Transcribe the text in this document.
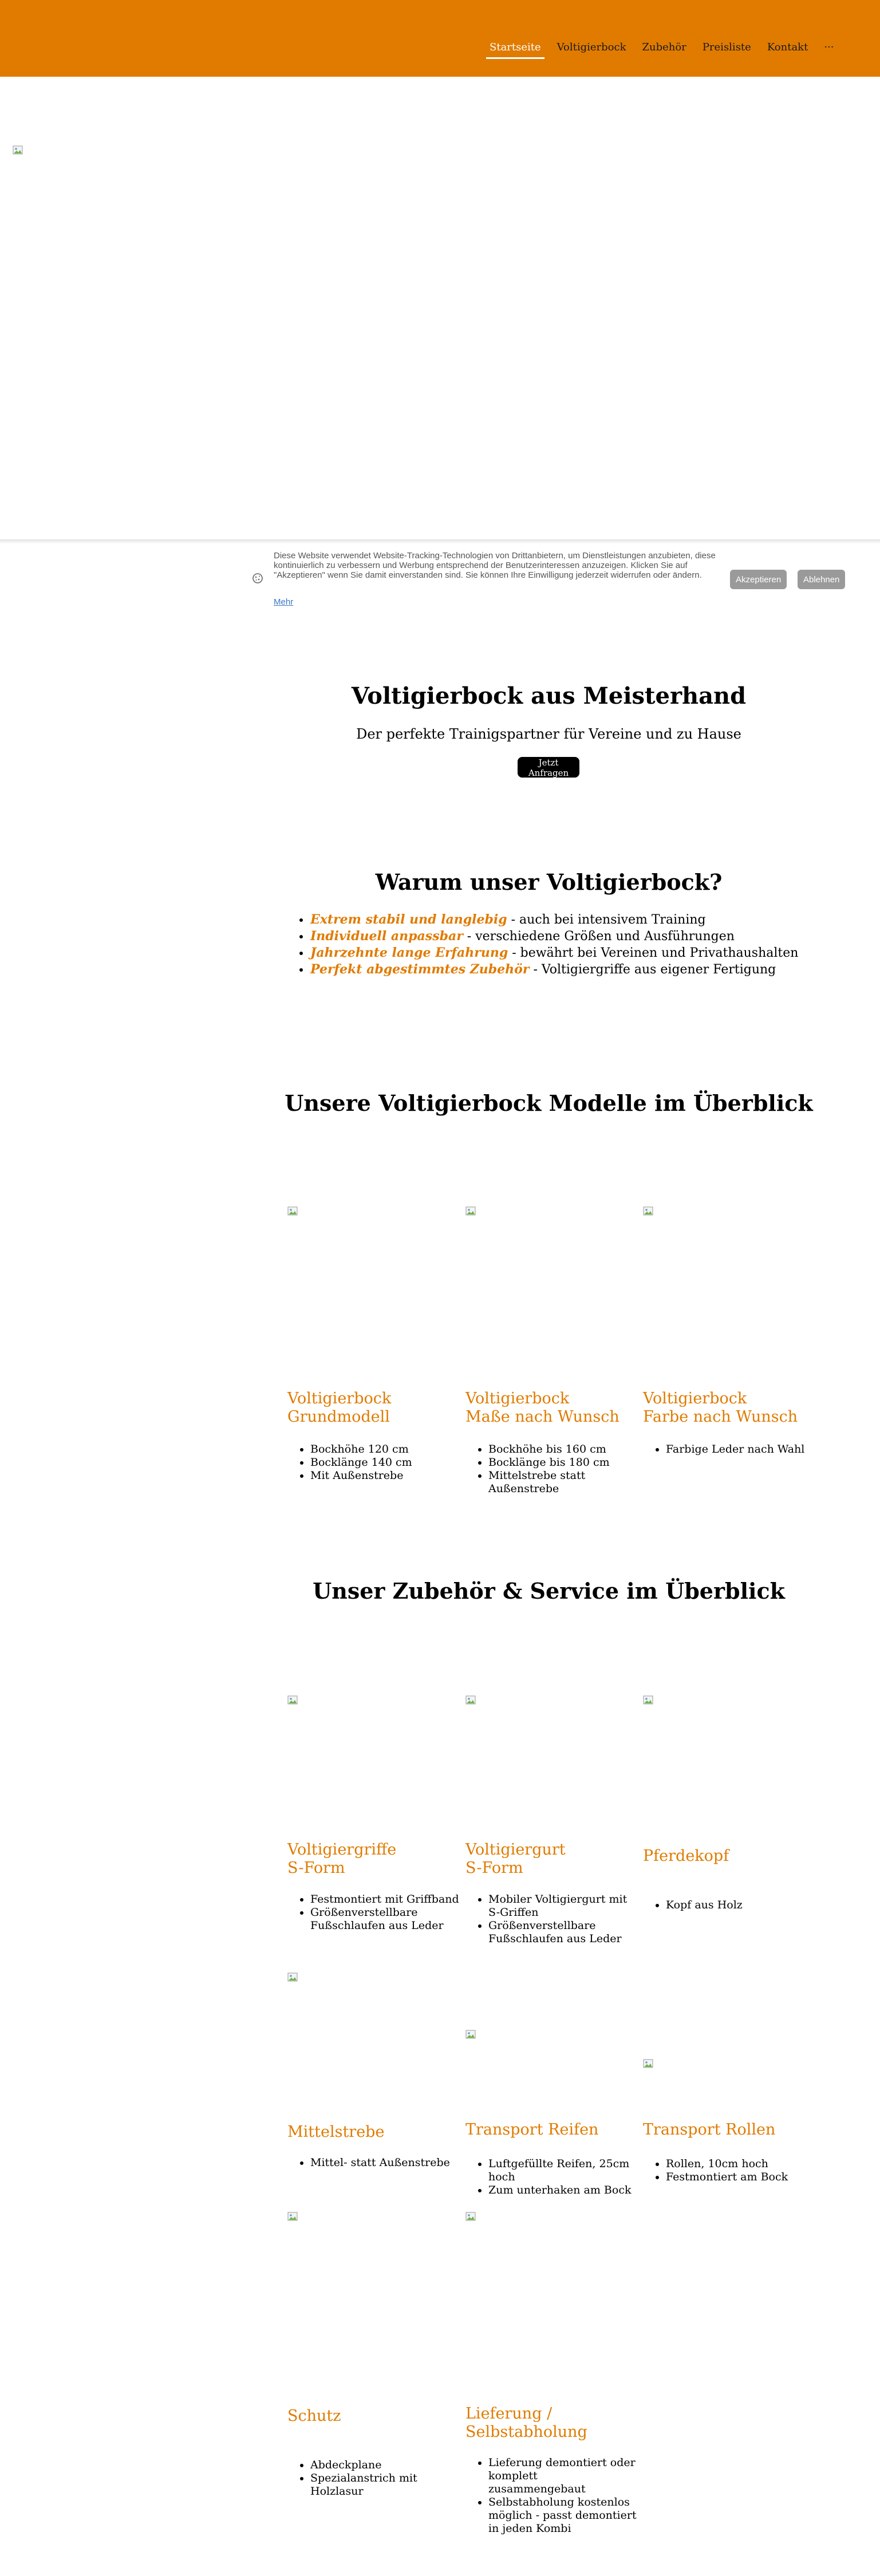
Startseite Voltigierbock Zubehör Preisliste Kontakt ···
Diese Website verwendet Website-Tracking-Technologien von Drittanbietern, um Dienstleistungen anzubieten, diese kontinuierlich zu verbessern und Werbung entsprechend der Benutzerinteressen anzuzeigen. Klicken Sie auf "Akzeptieren" wenn Sie damit einverstanden sind. Sie können Ihre Einwilligung jederzeit widerrufen oder ändern.
Mehr
Akzeptieren	Ablehnen
Voltigierbock aus Meisterhand

Der perfekte Trainigspartner für Vereine und zu Hause

Jetzt Anfragen
Warum unser Voltigierbock?
• Extrem stabil und langlebig - auch bei intensivem Training
• Individuell anpassbar - verschiedene Größen und Ausführungen
• Jahrzehnte lange Erfahrung - bewährt bei Vereinen und Privathaushalten
• Perfekt abgestimmtes Zubehör - Voltigiergriffe aus eigener Fertigung
Unsere Voltigierbock Modelle im Überblick
Voltigierbock
Grundmodell
• Bockhöhe 120 cm
• Bocklänge 140 cm
• Mit Außenstrebe
Voltigierbock
Maße nach Wunsch
• Bockhöhe bis 160 cm
• Bocklänge bis 180 cm
• Mittelstrebe statt Außenstrebe
Voltigierbock
Farbe nach Wunsch
• Farbige Leder nach Wahl
Unser Zubehör & Service im Überblick
Voltigiergriffe
S-Form
• Festmontiert mit Griffband
• Größenverstellbare Fußschlaufen aus Leder
Voltigiergurt
S-Form
• Mobiler Voltigiergurt mit S-Griffen
• Größenverstellbare Fußschlaufen aus Leder
Pferdekopf
• Kopf aus Holz
Mittelstrebe
• Mittel- statt Außenstrebe
Transport Reifen
• Luftgefüllte Reifen, 25cm hoch
• Zum unterhaken am Bock
Transport Rollen
• Rollen, 10cm hoch
• Festmontiert am Bock
Schutz
• Abdeckplane
• Spezialanstrich mit Holzlasur
Lieferung /
Selbstabholung
• Lieferung demontiert oder komplett zusammengebaut
• Selbstabholung kostenlos möglich - passt demontiert in jeden Kombi
